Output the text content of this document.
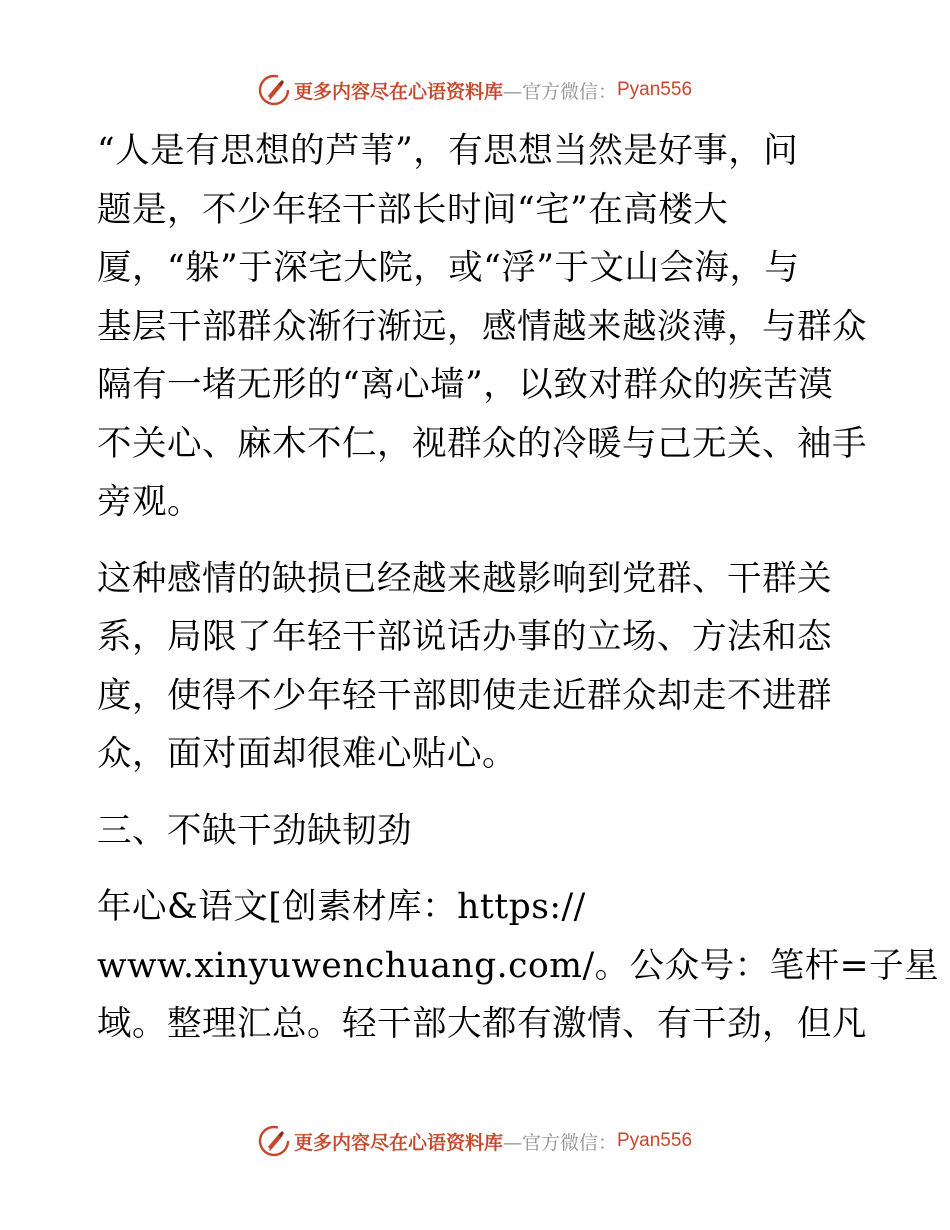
更多内容尽在心语资料库 —官方微信： Pyan556

“人是有思想的芦苇”，有思想当然是好事，问

题是，不少年轻干部长时间“宅”在高楼大

厦，“躲”于深宅大院，或“浮”于文山会海，与

基层干部群众渐行渐远，感情越来越淡薄，与群众

隔有一堵无形的“离心墙”，以致对群众的疾苦漠

不关心、麻木不仁，视群众的冷暖与己无关、袖手

旁观。

这种感情的缺损已经越来越影响到党群、干群关

系，局限了年轻干部说话办事的立场、方法和态

度，使得不少年轻干部即使走近群众却走不进群

众，面对面却很难心贴心。

三、不缺干劲缺韧劲

年心&语文[创素材库：https://

www.xinyuwenchuang.com/。公众号：笔杆=子星

域。整理汇总。轻干部大都有激情、有干劲，但凡

更多内容尽在心语资料库 —官方微信： Pyan556
